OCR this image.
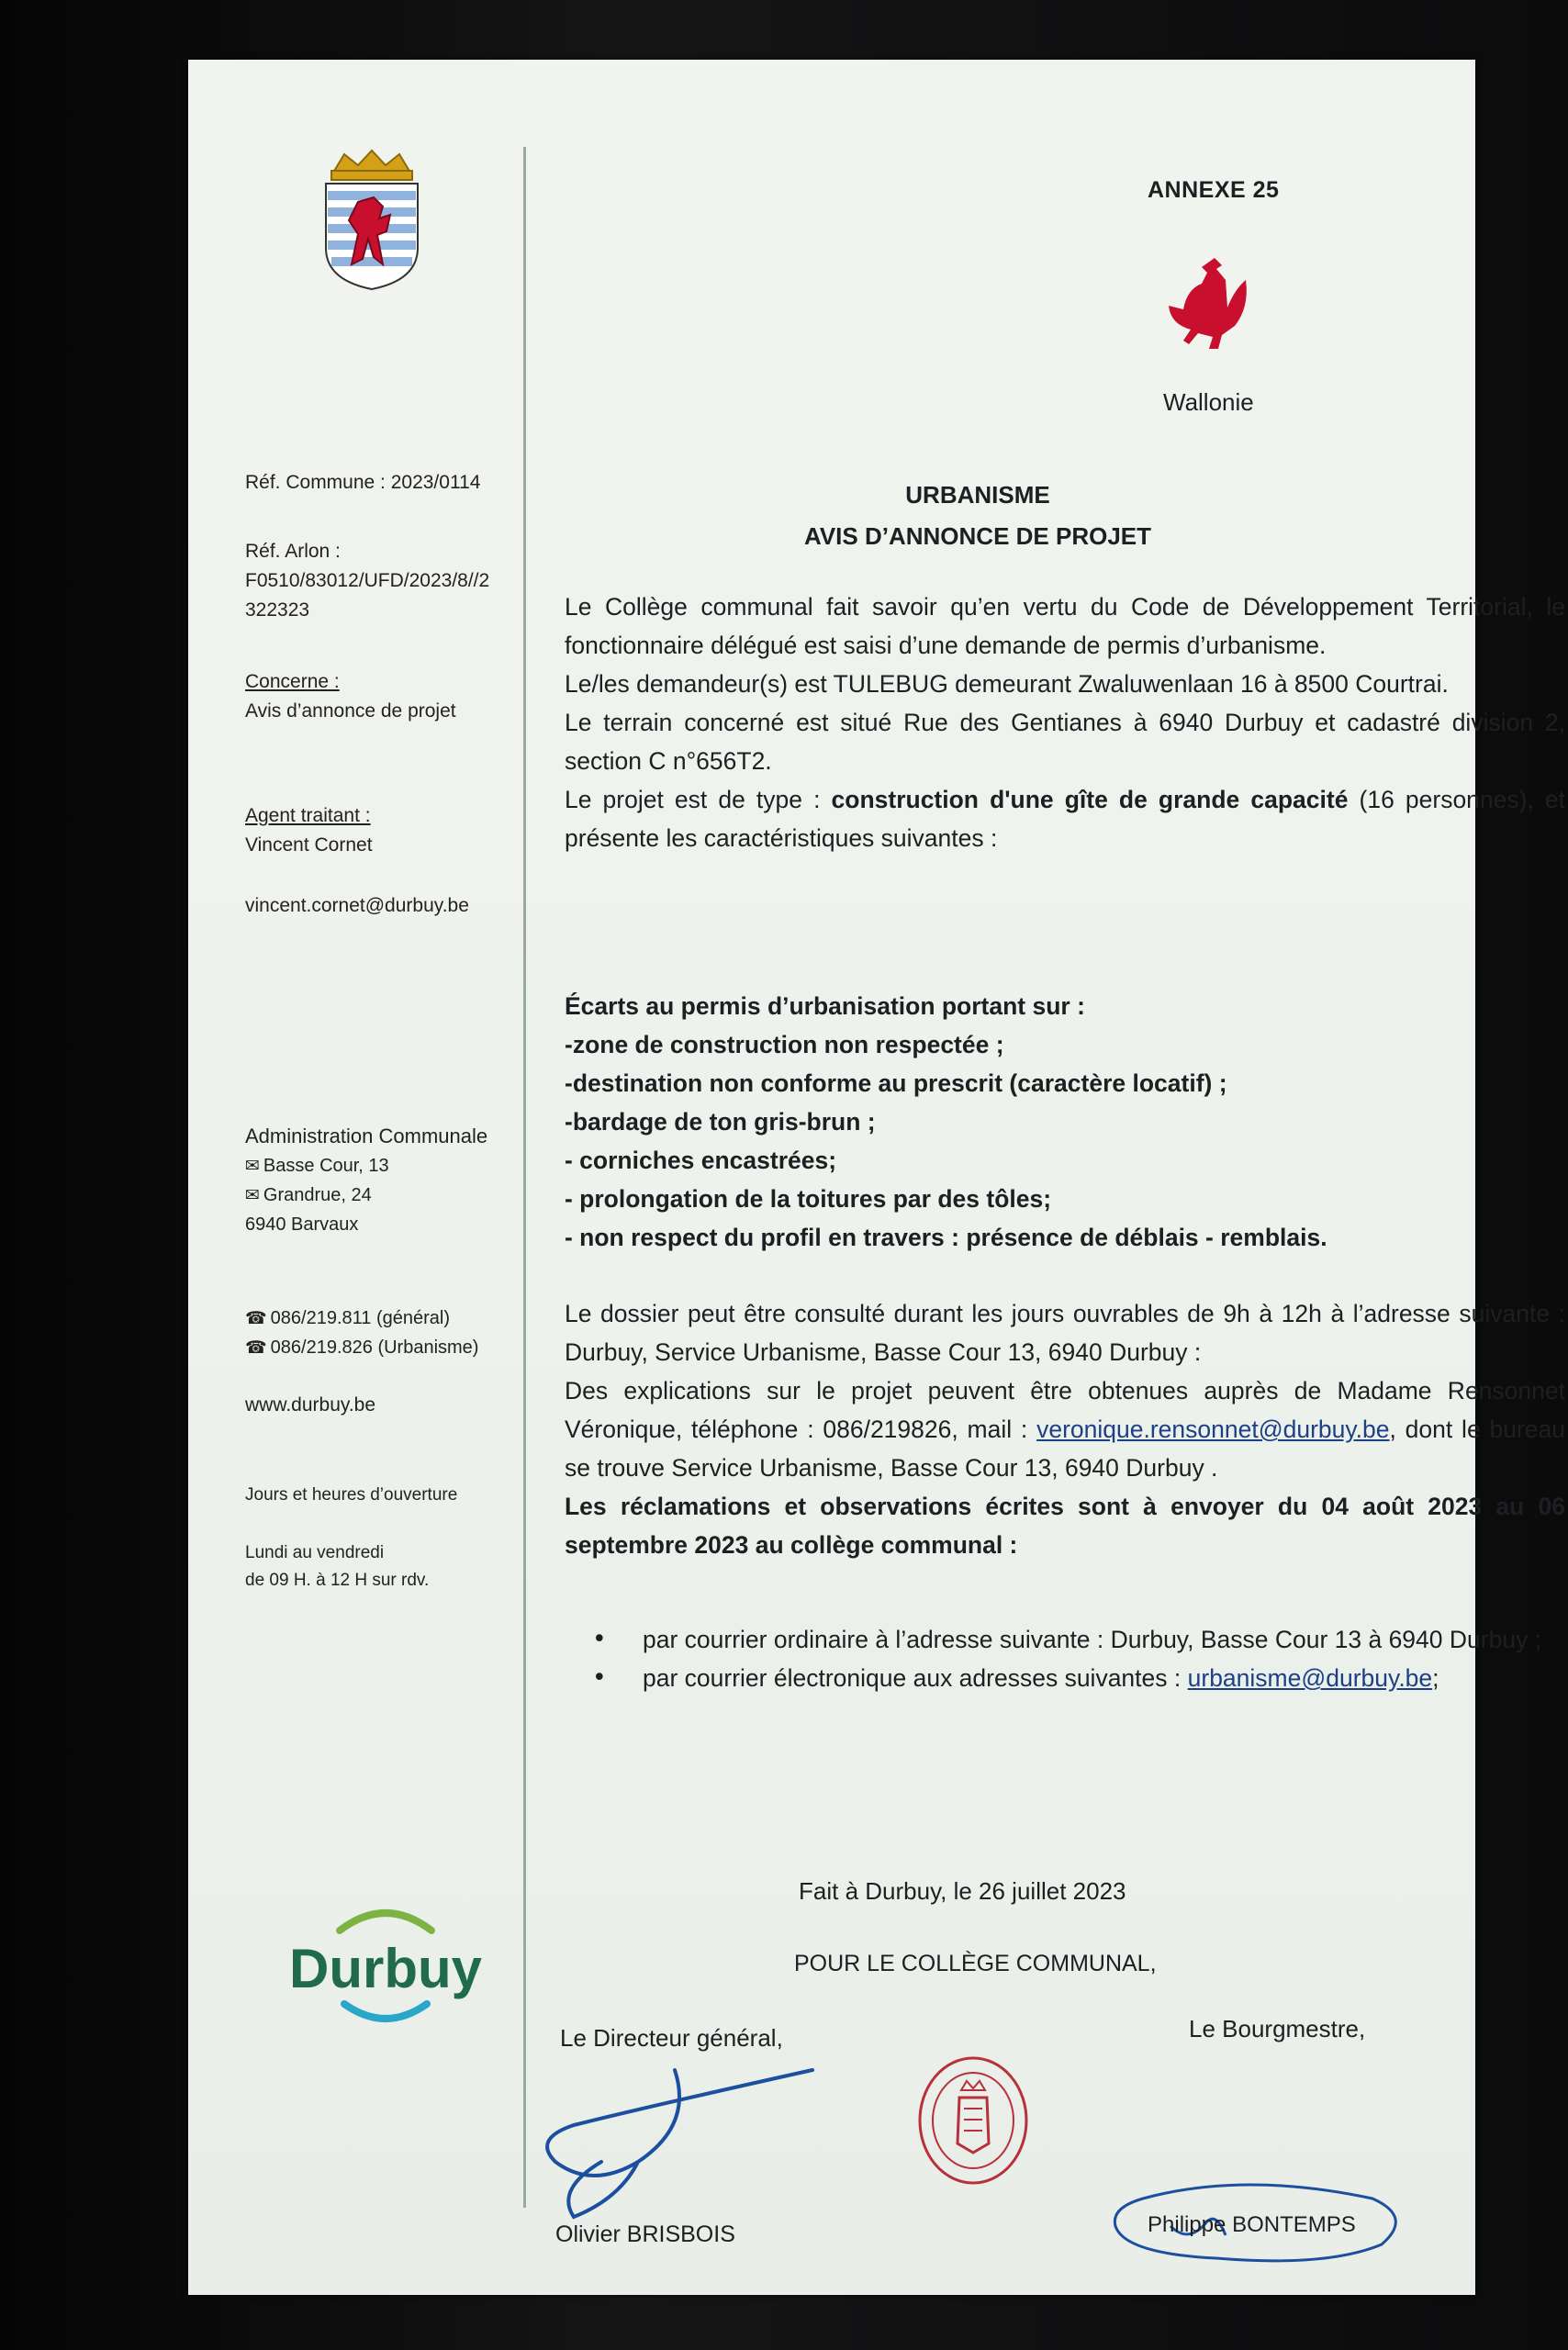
Réf. Commune : 2023/0114
Réf. Arlon :
F0510/83012/UFD/2023/8//2
322323
Concerne :
Avis d’annonce de projet
Agent traitant :
Vincent Cornet
vincent.cornet@durbuy.be
Administration Communale
✉ Basse Cour, 13
✉ Grandrue, 24
6940 Barvaux
☎ 086/219.811 (général)
☎ 086/219.826 (Urbanisme)
www.durbuy.be
Jours et heures d’ouverture
Lundi au vendredi
de 09 H. à 12 H sur rdv.
Durbuy
ANNEXE 25
Wallonie
URBANISME
AVIS D’ANNONCE DE PROJET
Le Collège communal fait savoir qu’en vertu du Code de Développement Territorial, le fonctionnaire délégué est saisi d’une demande de permis d’urbanisme.
Le/les demandeur(s) est TULEBUG demeurant Zwaluwenlaan 16 à 8500 Courtrai.
Le terrain concerné est situé Rue des Gentianes à 6940 Durbuy et cadastré division 2, section C n°656T2.
Le projet est de type : construction d'une gîte de grande capacité (16 personnes), et présente les caractéristiques suivantes :
Écarts au permis d’urbanisation portant sur :
-zone de construction non respectée ;
-destination non conforme au prescrit (caractère locatif) ;
-bardage de ton gris-brun ;
- corniches encastrées;
- prolongation de la toitures par des tôles;
- non respect du profil en travers : présence de déblais - remblais.
Le dossier peut être consulté durant les jours ouvrables de 9h à 12h à l’adresse suivante : Durbuy, Service Urbanisme, Basse Cour 13, 6940 Durbuy :
Des explications sur le projet peuvent être obtenues auprès de Madame Rensonnet Véronique, téléphone : 086/219826, mail : veronique.rensonnet@durbuy.be, dont le bureau se trouve Service Urbanisme, Basse Cour 13, 6940 Durbuy .
Les réclamations et observations écrites sont à envoyer du 04 août 2023 au 06 septembre 2023 au collège communal :
•	par courrier ordinaire à l’adresse suivante : Durbuy, Basse Cour 13 à 6940 Durbuy ;
•	par courrier électronique aux adresses suivantes : urbanisme@durbuy.be;
Fait à Durbuy, le 26 juillet 2023
POUR LE COLLÈGE COMMUNAL,
Le Directeur général,	Le Bourgmestre,
Olivier BRISBOIS	Philippe BONTEMPS
